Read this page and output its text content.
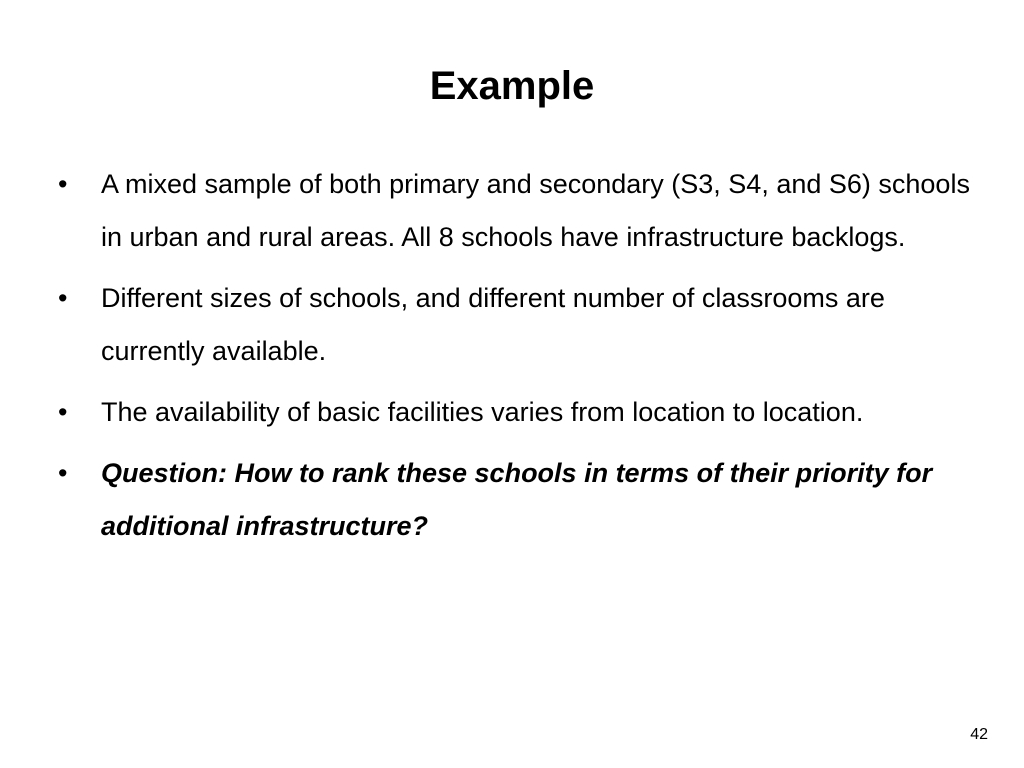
Example
•	A mixed sample of both primary and secondary (S3, S4, and S6) schools in urban and rural areas. All 8 schools have infrastructure backlogs.
•	Different sizes of schools, and different number of classrooms are currently available.
•	The availability of basic facilities varies from location to location.
•	Question: How to rank these schools in terms of their priority for additional infrastructure?
42
